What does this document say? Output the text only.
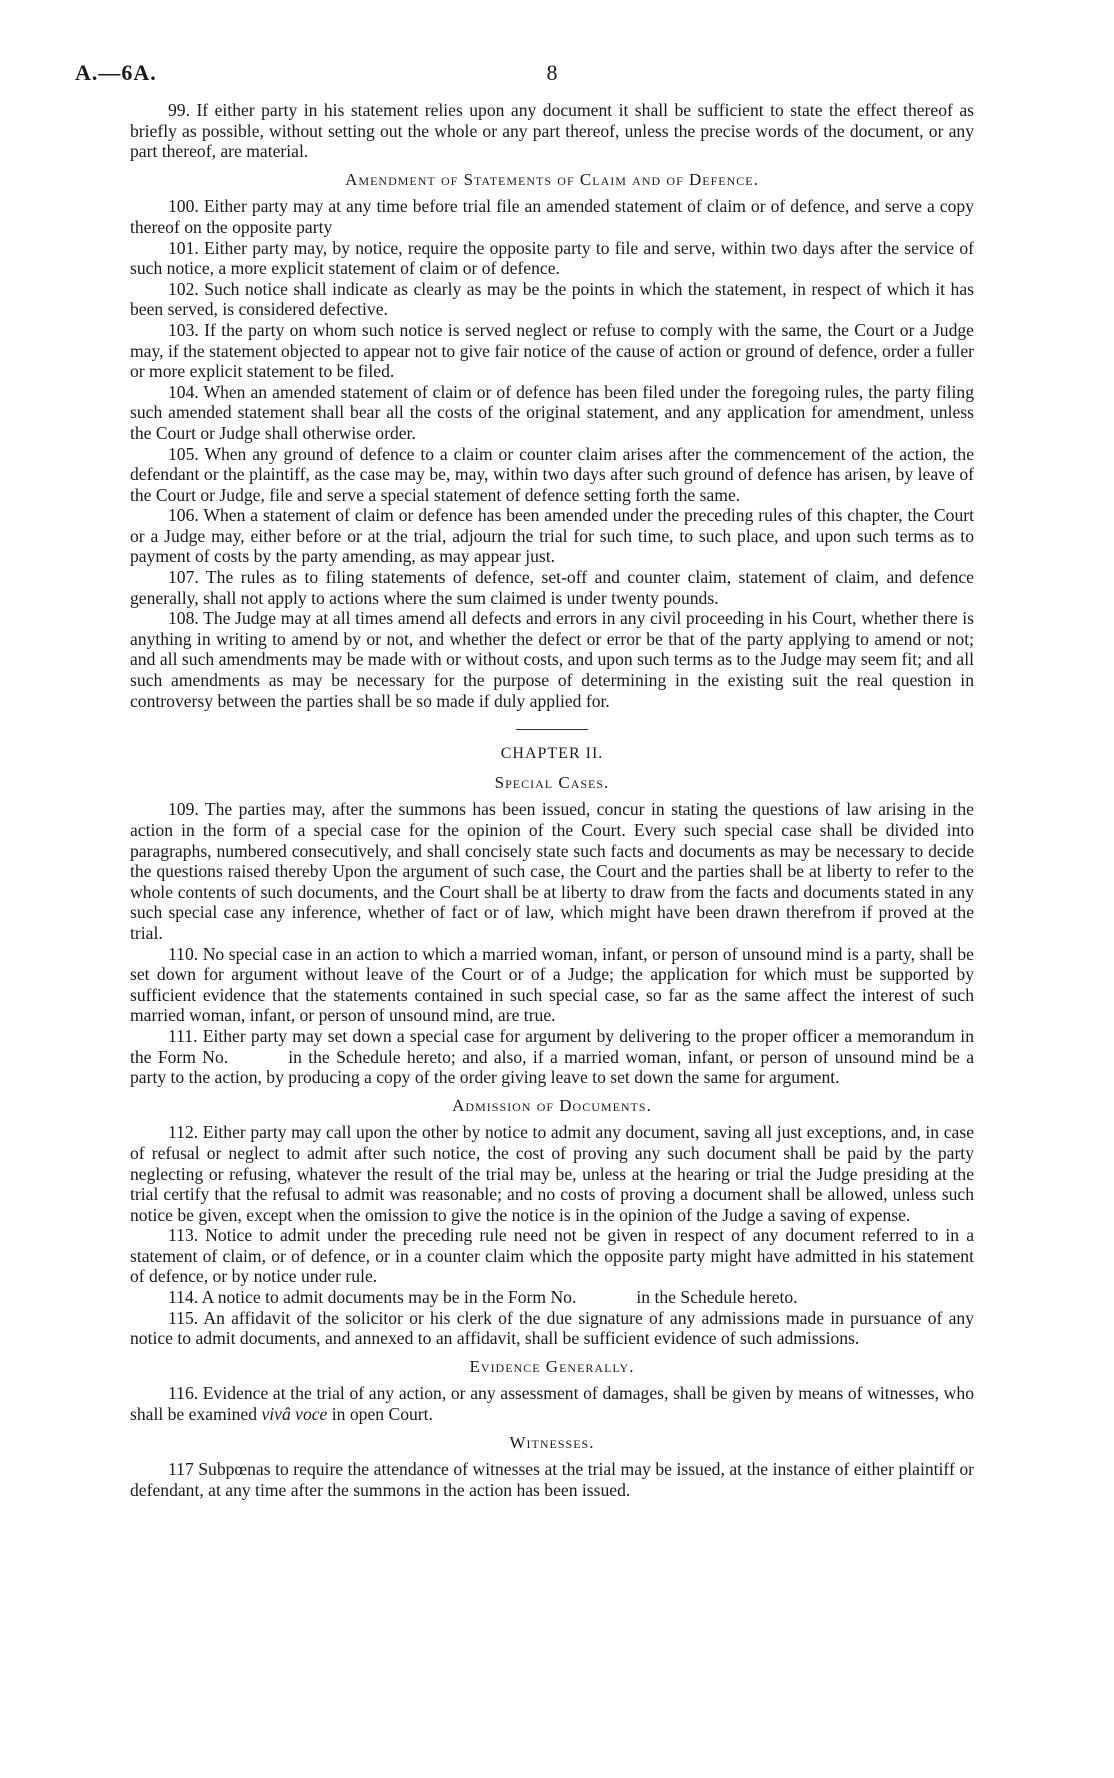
A.—6A.	8

99. If either party in his statement relies upon any document it shall be sufficient to state the effect thereof as briefly as possible, without setting out the whole or any part thereof, unless the precise words of the document, or any part thereof, are material.

Amendment of Statements of Claim and of Defence.

100. Either party may at any time before trial file an amended statement of claim or of defence, and serve a copy thereof on the opposite party

101. Either party may, by notice, require the opposite party to file and serve, within two days after the service of such notice, a more explicit statement of claim or of defence.

102. Such notice shall indicate as clearly as may be the points in which the statement, in respect of which it has been served, is considered defective.

103. If the party on whom such notice is served neglect or refuse to comply with the same, the Court or a Judge may, if the statement objected to appear not to give fair notice of the cause of action or ground of defence, order a fuller or more explicit statement to be filed.

104. When an amended statement of claim or of defence has been filed under the foregoing rules, the party filing such amended statement shall bear all the costs of the original statement, and any application for amendment, unless the Court or Judge shall otherwise order.

105. When any ground of defence to a claim or counter claim arises after the commencement of the action, the defendant or the plaintiff, as the case may be, may, within two days after such ground of defence has arisen, by leave of the Court or Judge, file and serve a special statement of defence setting forth the same.

106. When a statement of claim or defence has been amended under the preceding rules of this chapter, the Court or a Judge may, either before or at the trial, adjourn the trial for such time, to such place, and upon such terms as to payment of costs by the party amending, as may appear just.

107. The rules as to filing statements of defence, set-off and counter claim, statement of claim, and defence generally, shall not apply to actions where the sum claimed is under twenty pounds.

108. The Judge may at all times amend all defects and errors in any civil proceeding in his Court, whether there is anything in writing to amend by or not, and whether the defect or error be that of the party applying to amend or not; and all such amendments may be made with or without costs, and upon such terms as to the Judge may seem fit; and all such amendments as may be necessary for the purpose of determining in the existing suit the real question in controversy between the parties shall be so made if duly applied for.

CHAPTER II.
Special Cases.

109. The parties may, after the summons has been issued, concur in stating the questions of law arising in the action in the form of a special case for the opinion of the Court. Every such special case shall be divided into paragraphs, numbered consecutively, and shall concisely state such facts and documents as may be necessary to decide the questions raised thereby Upon the argument of such case, the Court and the parties shall be at liberty to refer to the whole contents of such documents, and the Court shall be at liberty to draw from the facts and documents stated in any such special case any inference, whether of fact or of law, which might have been drawn therefrom if proved at the trial.

110. No special case in an action to which a married woman, infant, or person of unsound mind is a party, shall be set down for argument without leave of the Court or of a Judge; the application for which must be supported by sufficient evidence that the statements contained in such special case, so far as the same affect the interest of such married woman, infant, or person of unsound mind, are true.

111. Either party may set down a special case for argument by delivering to the proper officer a memorandum in the Form No.	in the Schedule hereto; and also, if a married woman, infant, or person of unsound mind be a party to the action, by producing a copy of the order giving leave to set down the same for argument.

Admission of Documents.

112. Either party may call upon the other by notice to admit any document, saving all just exceptions, and, in case of refusal or neglect to admit after such notice, the cost of proving any such document shall be paid by the party neglecting or refusing, whatever the result of the trial may be, unless at the hearing or trial the Judge presiding at the trial certify that the refusal to admit was reasonable; and no costs of proving a document shall be allowed, unless such notice be given, except when the omission to give the notice is in the opinion of the Judge a saving of expense.

113. Notice to admit under the preceding rule need not be given in respect of any document referred to in a statement of claim, or of defence, or in a counter claim which the opposite party might have admitted in his statement of defence, or by notice under rule.

114. A notice to admit documents may be in the Form No.	in the Schedule hereto.

115. An affidavit of the solicitor or his clerk of the due signature of any admissions made in pursuance of any notice to admit documents, and annexed to an affidavit, shall be sufficient evidence of such admissions.

Evidence Generally.

116. Evidence at the trial of any action, or any assessment of damages, shall be given by means of witnesses, who shall be examined vivâ voce in open Court.

Witnesses.

117 Subpœnas to require the attendance of witnesses at the trial may be issued, at the instance of either plaintiff or defendant, at any time after the summons in the action has been issued.
